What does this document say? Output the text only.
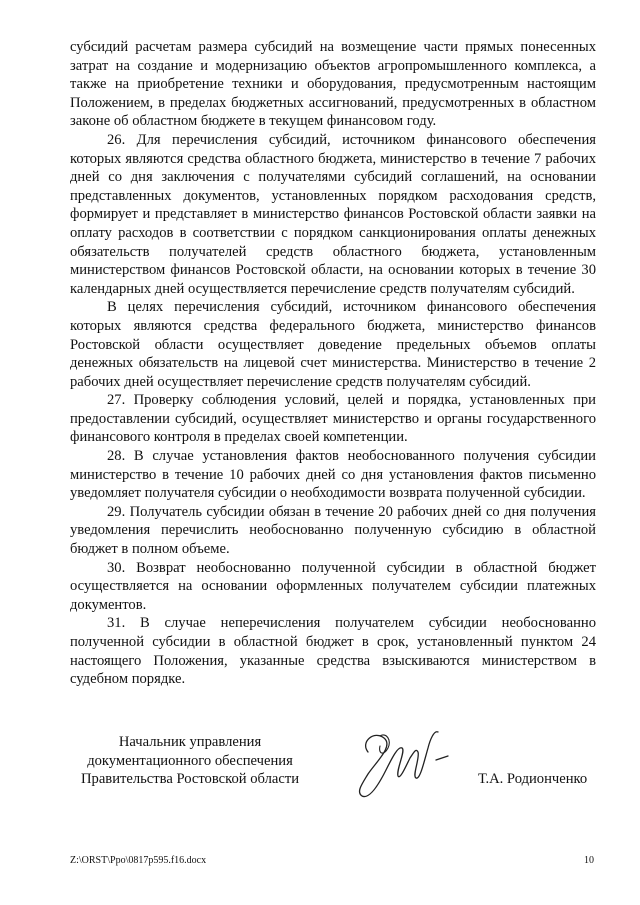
субсидий расчетам размера субсидий на возмещение части прямых понесенных затрат на создание и модернизацию объектов агропромышленного комплекса, а также на приобретение техники и оборудования, предусмотренным настоящим Положением, в пределах бюджетных ассигнований, предусмотренных в областном законе об областном бюджете в текущем финансовом году.

26. Для перечисления субсидий, источником финансового обеспечения которых являются средства областного бюджета, министерство в течение 7 рабочих дней со дня заключения с получателями субсидий соглашений, на основании представленных документов, установленных порядком расходования средств, формирует и представляет в министерство финансов Ростовской области заявки на оплату расходов в соответствии с порядком санкционирования оплаты денежных обязательств получателей средств областного бюджета, установленным министерством финансов Ростовской области, на основании которых в течение 30 календарных дней осуществляется перечисление средств получателям субсидий.

В целях перечисления субсидий, источником финансового обеспечения которых являются средства федерального бюджета, министерство финансов Ростовской области осуществляет доведение предельных объемов оплаты денежных обязательств на лицевой счет министерства. Министерство в течение 2 рабочих дней осуществляет перечисление средств получателям субсидий.

27. Проверку соблюдения условий, целей и порядка, установленных при предоставлении субсидий, осуществляет министерство и органы государственного финансового контроля в пределах своей компетенции.

28. В случае установления фактов необоснованного получения субсидии министерство в течение 10 рабочих дней со дня установления фактов письменно уведомляет получателя субсидии о необходимости возврата полученной субсидии.

29. Получатель субсидии обязан в течение 20 рабочих дней со дня получения уведомления перечислить необоснованно полученную субсидию в областной бюджет в полном объеме.

30. Возврат необоснованно полученной субсидии в областной бюджет осуществляется на основании оформленных получателем субсидии платежных документов.

31. В случае неперечисления получателем субсидии необоснованно полученной субсидии в областной бюджет в срок, установленный пунктом 24 настоящего Положения, указанные средства взыскиваются министерством в судебном порядке.

Начальник управления
документационного обеспечения
Правительства Ростовской области	Т.А. Родионченко
Z:\ORST\Ppo\0817p595.f16.docx	10
